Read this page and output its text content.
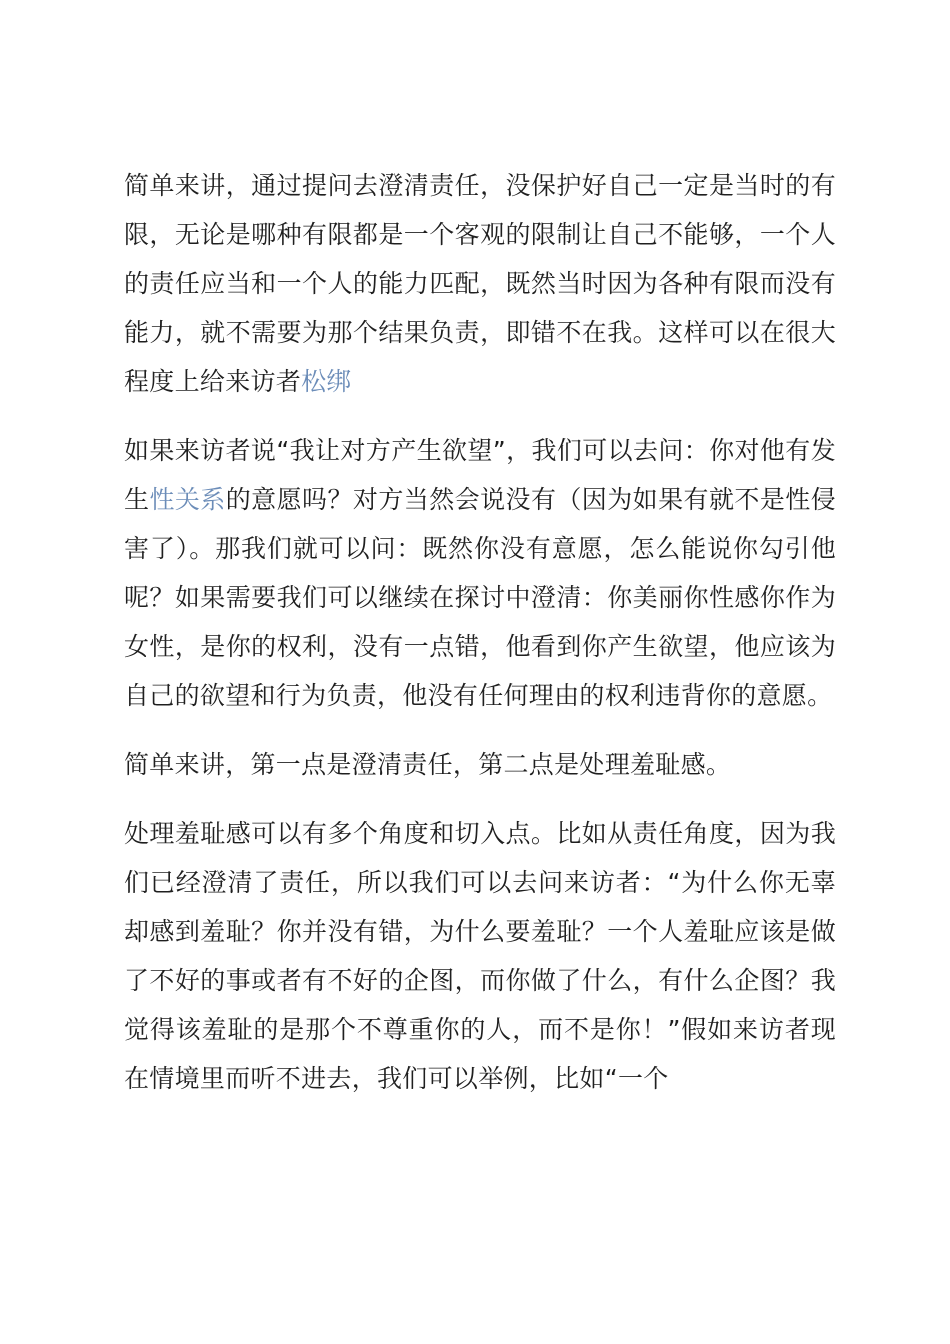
简单来讲，通过提问去澄清责任，没保护好自己一定是当时的有限，无论是哪种有限都是一个客观的限制让自己不能够，一个人的责任应当和一个人的能力匹配，既然当时因为各种有限而没有能力，就不需要为那个结果负责，即错不在我。这样可以在很大程度上给来访者松绑

如果来访者说“我让对方产生欲望”，我们可以去问：你对他有发生性关系的意愿吗？对方当然会说没有（因为如果有就不是性侵害了）。那我们就可以问：既然你没有意愿，怎么能说你勾引他呢？如果需要我们可以继续在探讨中澄清：你美丽你性感你作为女性，是你的权利，没有一点错，他看到你产生欲望，他应该为自己的欲望和行为负责，他没有任何理由的权利违背你的意愿。

简单来讲，第一点是澄清责任，第二点是处理羞耻感。

处理羞耻感可以有多个角度和切入点。比如从责任角度，因为我们已经澄清了责任，所以我们可以去问来访者：“为什么你无辜却感到羞耻？你并没有错，为什么要羞耻？一个人羞耻应该是做了不好的事或者有不好的企图，而你做了什么，有什么企图？我觉得该羞耻的是那个不尊重你的人，而不是你！”假如来访者现在情境里而听不进去，我们可以举例，比如“一个
